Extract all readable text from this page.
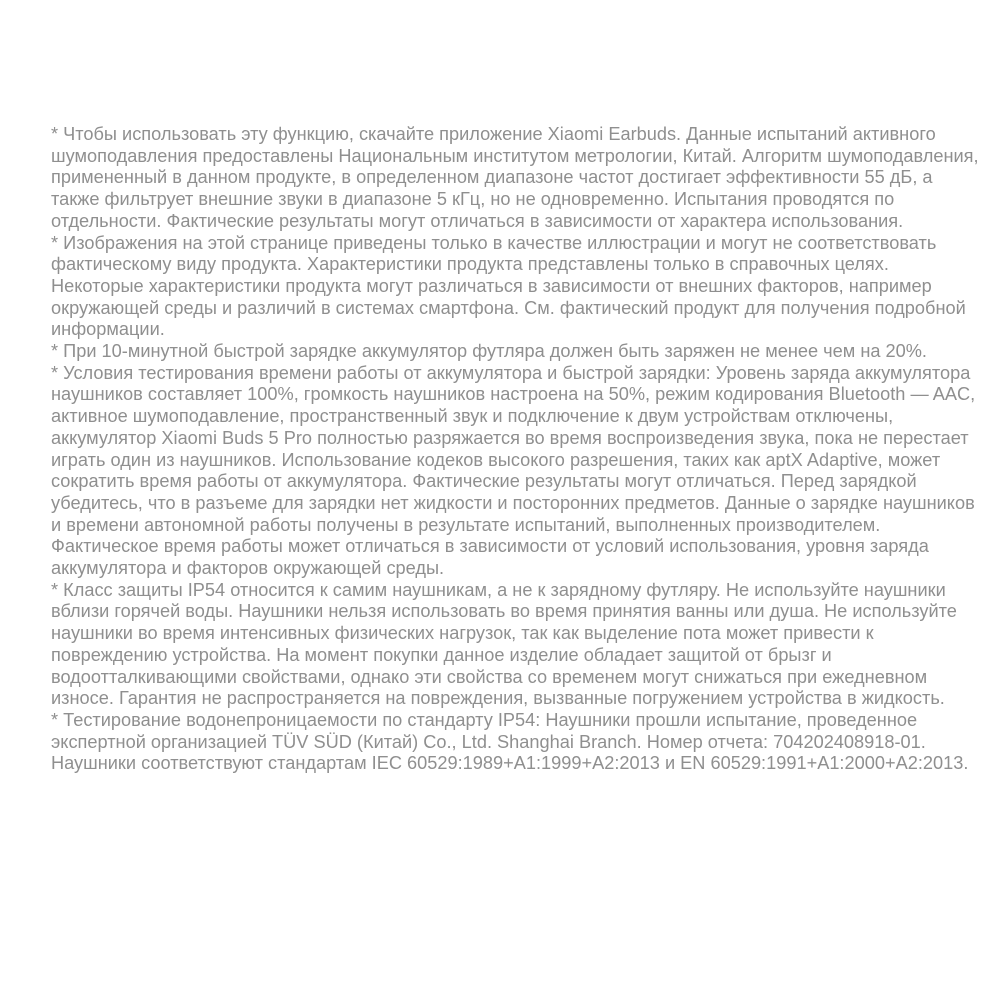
* Чтобы использовать эту функцию, скачайте приложение Xiaomi Earbuds. Данные испытаний активного шумоподавления предоставлены Национальным институтом метрологии, Китай. Алгоритм шумоподавления, примененный в данном продукте, в определенном диапазоне частот достигает эффективности 55 дБ, а также фильтрует внешние звуки в диапазоне 5 кГц, но не одновременно. Испытания проводятся по отдельности. Фактические результаты могут отличаться в зависимости от характера использования.

* Изображения на этой странице приведены только в качестве иллюстрации и могут не соответствовать фактическому виду продукта. Характеристики продукта представлены только в справочных целях. Некоторые характеристики продукта могут различаться в зависимости от внешних факторов, например окружающей среды и различий в системах смартфона. См. фактический продукт для получения подробной информации.

* При 10-минутной быстрой зарядке аккумулятор футляра должен быть заряжен не менее чем на 20%.

* Условия тестирования времени работы от аккумулятора и быстрой зарядки: Уровень заряда аккумулятора наушников составляет 100%, громкость наушников настроена на 50%, режим кодирования Bluetooth — AAC, активное шумоподавление, пространственный звук и подключение к двум устройствам отключены, аккумулятор Xiaomi Buds 5 Pro полностью разряжается во время воспроизведения звука, пока не перестает играть один из наушников. Использование кодеков высокого разрешения, таких как aptX Adaptive, может сократить время работы от аккумулятора. Фактические результаты могут отличаться. Перед зарядкой убедитесь, что в разъеме для зарядки нет жидкости и посторонних предметов. Данные о зарядке наушников и времени автономной работы получены в результате испытаний, выполненных производителем. Фактическое время работы может отличаться в зависимости от условий использования, уровня заряда аккумулятора и факторов окружающей среды.

* Класс защиты IP54 относится к самим наушникам, а не к зарядному футляру. Не используйте наушники вблизи горячей воды. Наушники нельзя использовать во время принятия ванны или душа. Не используйте наушники во время интенсивных физических нагрузок, так как выделение пота может привести к повреждению устройства. На момент покупки данное изделие обладает защитой от брызг и водоотталкивающими свойствами, однако эти свойства со временем могут снижаться при ежедневном износе. Гарантия не распространяется на повреждения, вызванные погружением устройства в жидкость.

* Тестирование водонепроницаемости по стандарту IP54: Наушники прошли испытание, проведенное экспертной организацией TÜV SÜD (Китай) Co., Ltd. Shanghai Branch. Номер отчета: 704202408918-01. Наушники соответствуют стандартам IEC 60529:1989+A1:1999+A2:2013 и EN 60529:1991+A1:2000+A2:2013.
